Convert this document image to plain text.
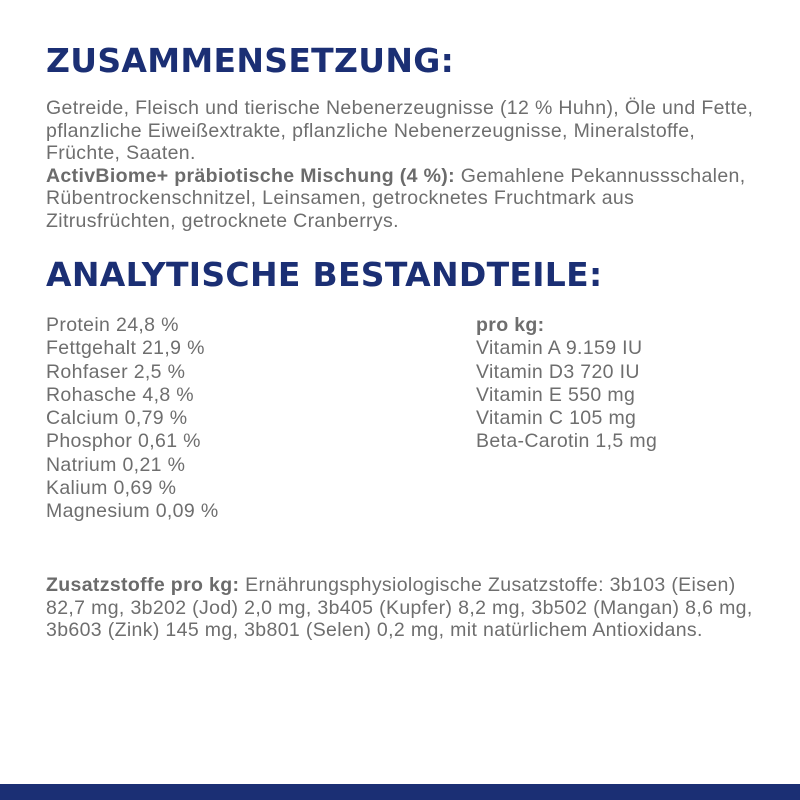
ZUSAMMENSETZUNG:

Getreide, Fleisch und tierische Nebenerzeugnisse (12 % Huhn), Öle und Fette, pflanzliche Eiweißextrakte, pflanzliche Nebenerzeugnisse, Mineralstoffe, Früchte, Saaten.
ActivBiome+ präbiotische Mischung (4 %): Gemahlene Pekannussschalen, Rübentrockenschnitzel, Leinsamen, getrocknetes Fruchtmark aus Zitrusfrüchten, getrocknete Cranberrys.

ANALYTISCHE BESTANDTEILE:
Protein 24,8 %
Fettgehalt 21,9 %
Rohfaser 2,5 %
Rohasche 4,8 %
Calcium 0,79 %
Phosphor 0,61 %
Natrium 0,21 %
Kalium 0,69 %
Magnesium 0,09 %
pro kg:
Vitamin A 9.159 IU
Vitamin D3 720 IU
Vitamin E 550 mg
Vitamin C 105 mg
Beta-Carotin 1,5 mg

Zusatzstoffe pro kg: Ernährungsphysiologische Zusatzstoffe: 3b103 (Eisen) 82,7 mg, 3b202 (Jod) 2,0 mg, 3b405 (Kupfer) 8,2 mg, 3b502 (Mangan) 8,6 mg, 3b603 (Zink) 145 mg, 3b801 (Selen) 0,2 mg, mit natürlichem Antioxidans.
